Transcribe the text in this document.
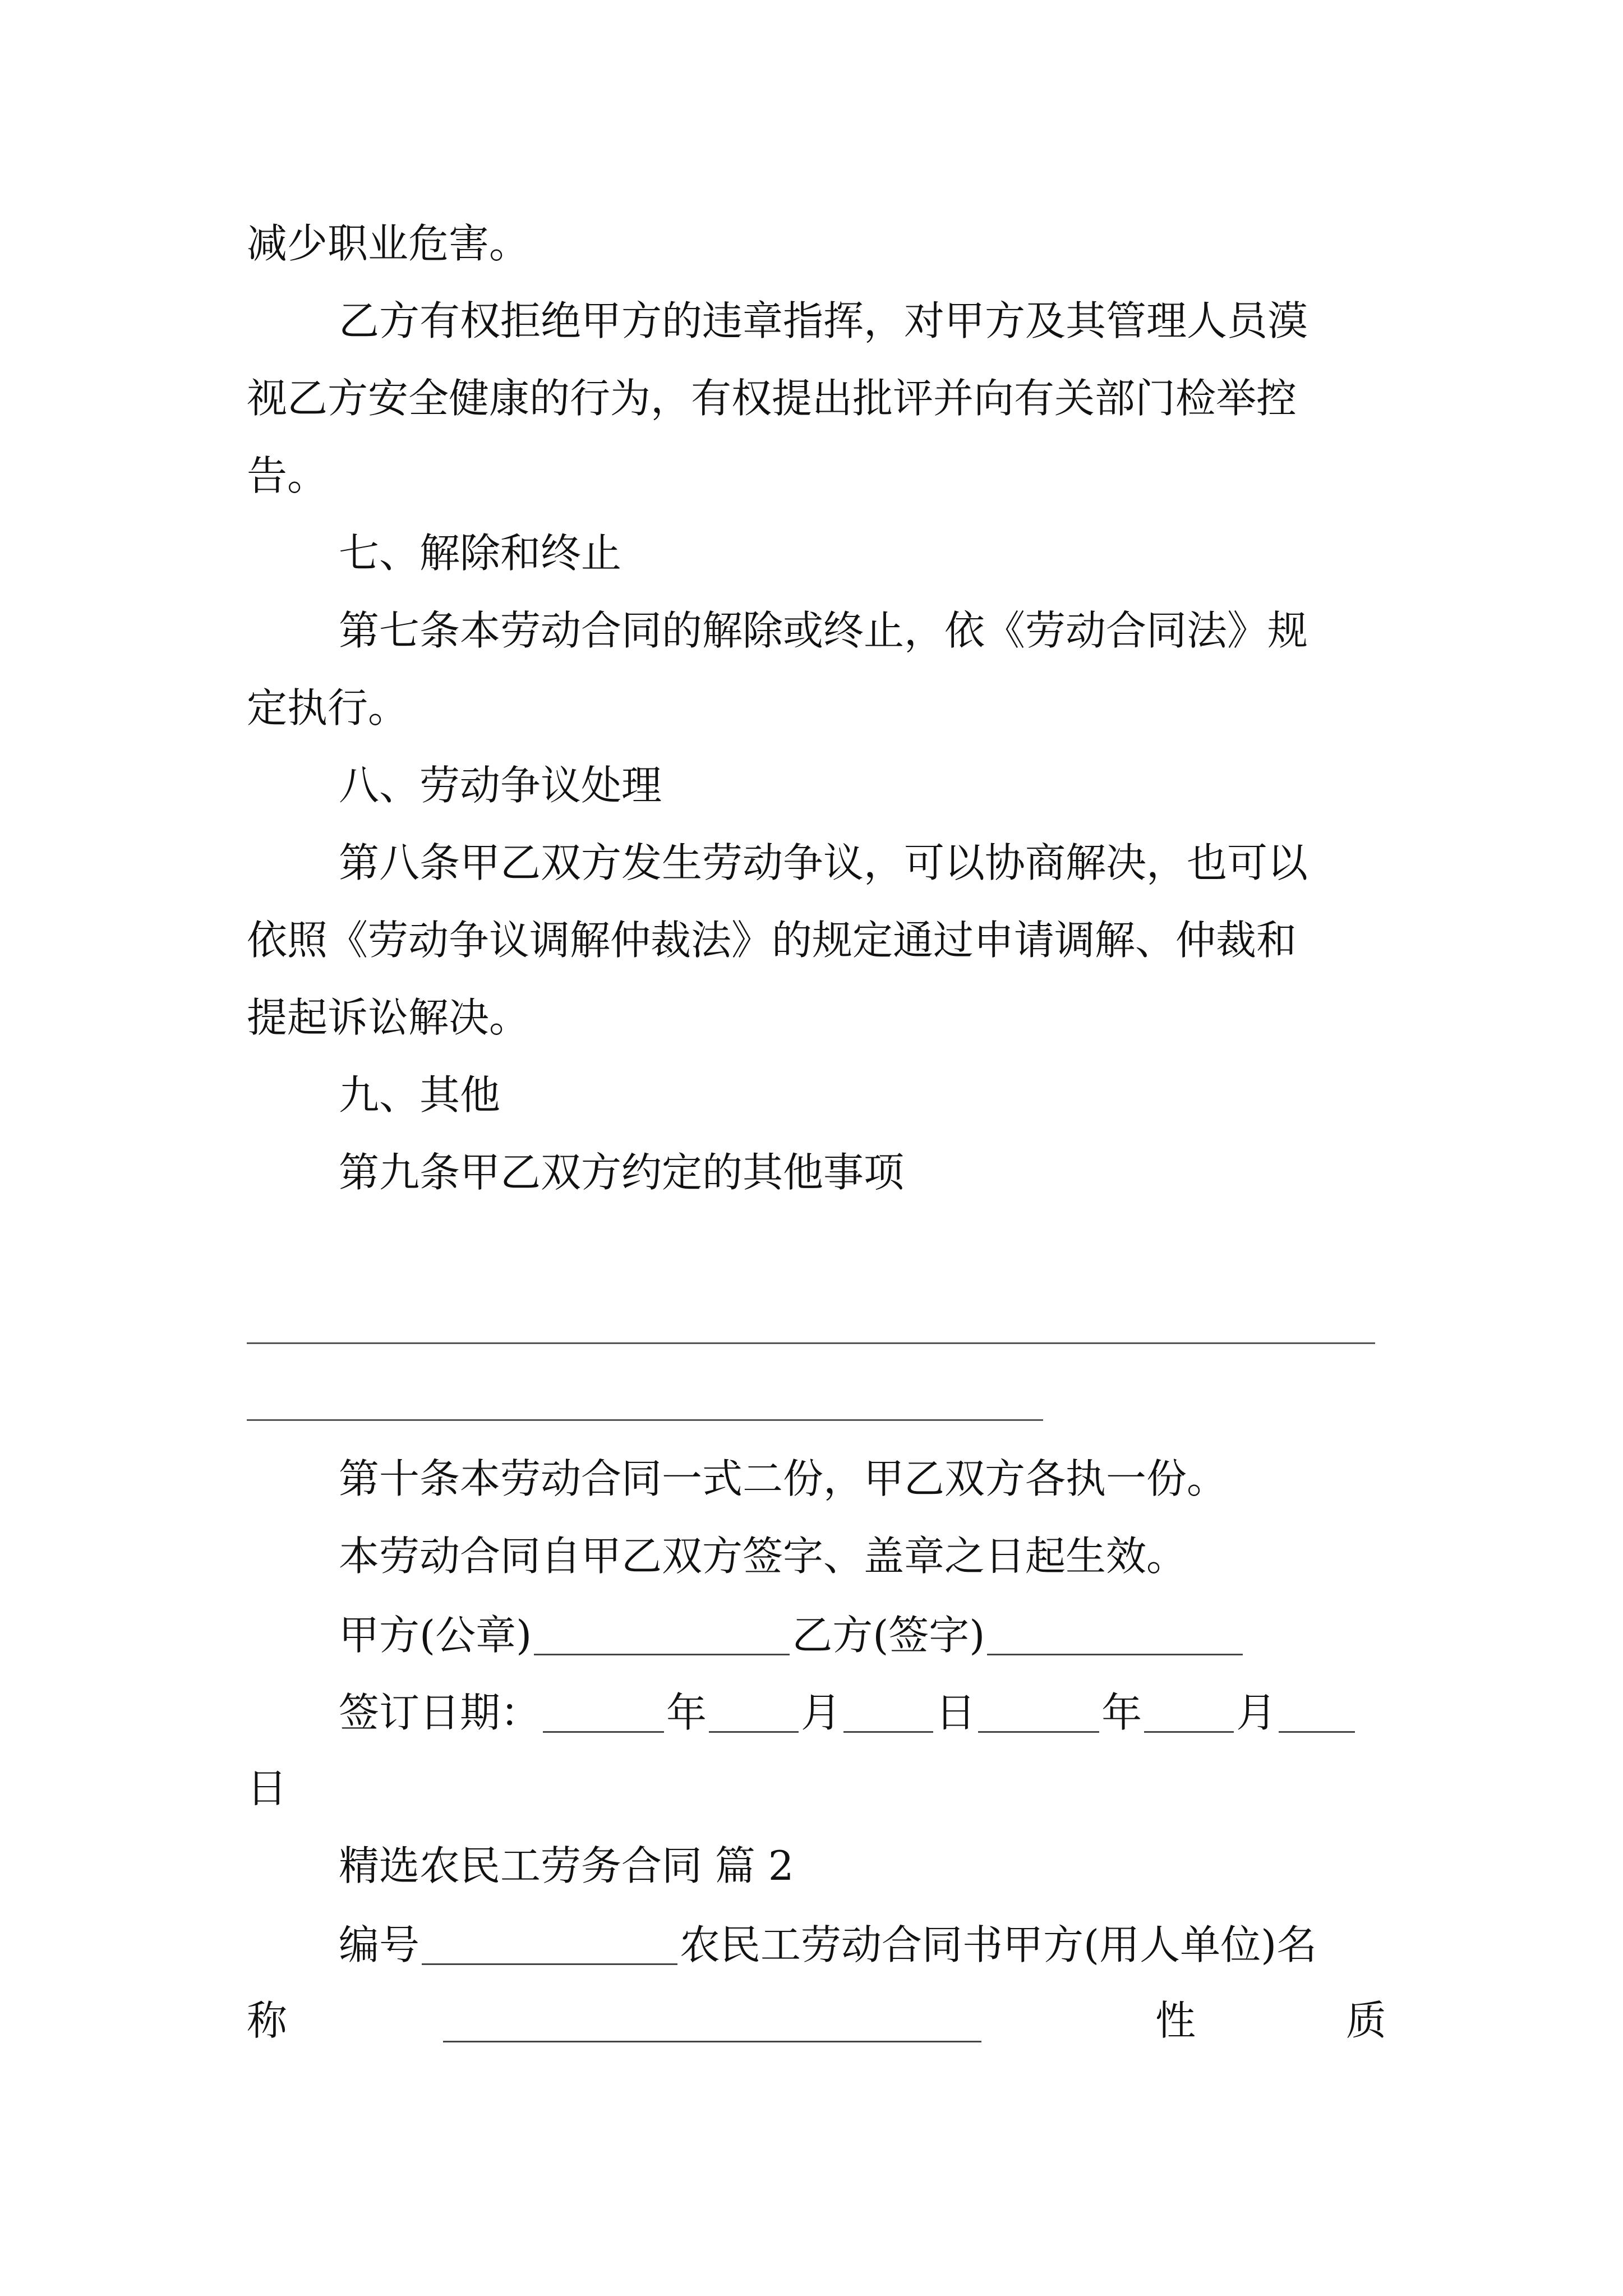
减少职业危害。
乙方有权拒绝甲方的违章指挥，对甲方及其管理人员漠
视乙方安全健康的行为，有权提出批评并向有关部门检举控
告。
七、解除和终止
第七条本劳动合同的解除或终止，依《劳动合同法》规
定执行。
八、劳动争议处理
第八条甲乙双方发生劳动争议，可以协商解决，也可以
依照《劳动争议调解仲裁法》的规定通过申请调解、仲裁和
提起诉讼解决。
九、其他
第九条甲乙双方约定的其他事项
第十条本劳动合同一式二份，甲乙双方各执一份。
本劳动合同自甲乙双方签字、盖章之日起生效。
甲方(公章)	乙方(签字)
签订日期：	年 月 日	年 月
日
精选农民工劳务合同 篇 2
编号	农民工劳动合同书甲方(用人单位)名
称	性	质
